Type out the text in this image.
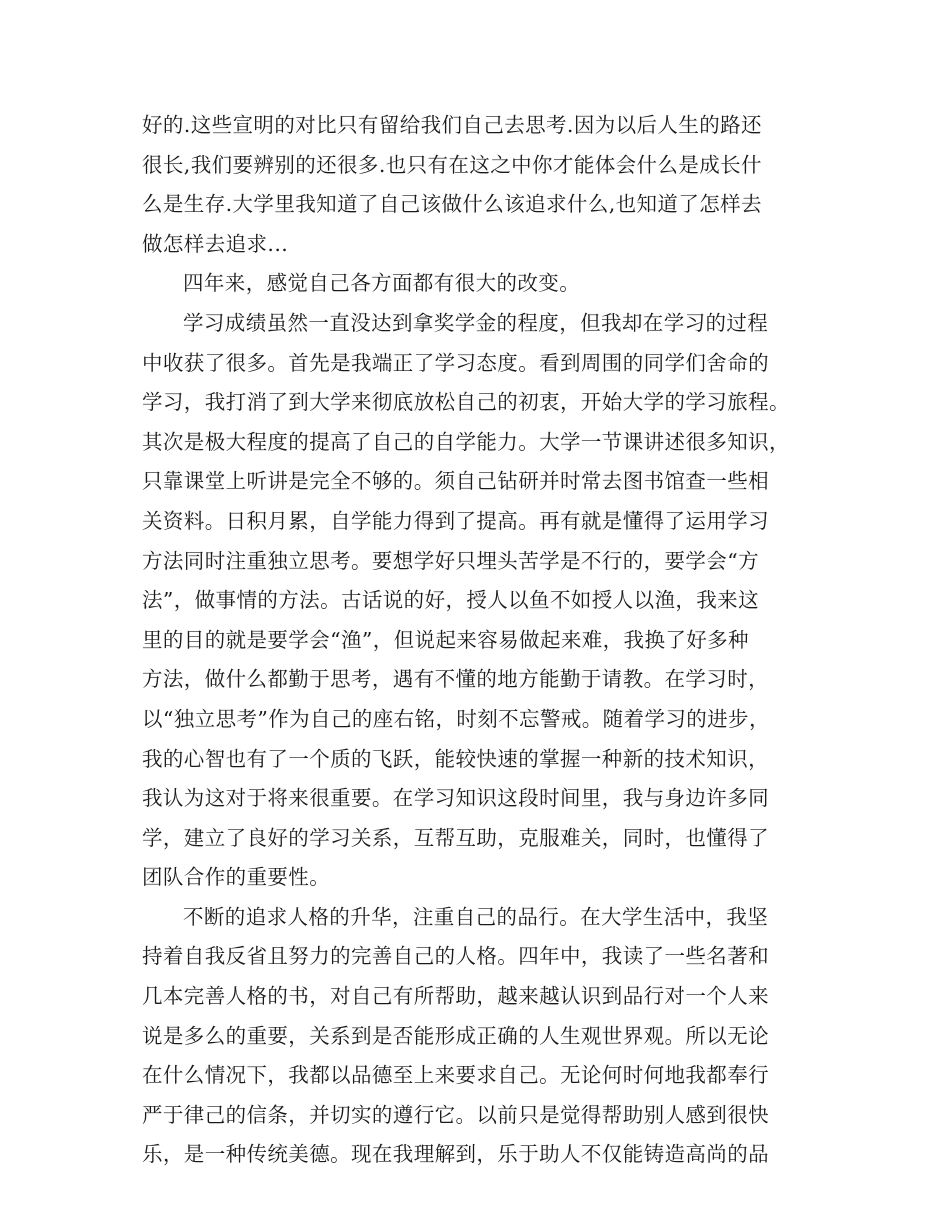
好的.这些宣明的对比只有留给我们自己去思考.因为以后人生的路还
很长,我们要辨别的还很多.也只有在这之中你才能体会什么是成长什
么是生存.大学里我知道了自己该做什么该追求什么,也知道了怎样去
做怎样去追求...
四年来，感觉自己各方面都有很大的改变。
学习成绩虽然一直没达到拿奖学金的程度，但我却在学习的过程
中收获了很多。首先是我端正了学习态度。看到周围的同学们舍命的
学习，我打消了到大学来彻底放松自己的初衷，开始大学的学习旅程。
其次是极大程度的提高了自己的自学能力。大学一节课讲述很多知识，
只靠课堂上听讲是完全不够的。须自己钻研并时常去图书馆查一些相
关资料。日积月累，自学能力得到了提高。再有就是懂得了运用学习
方法同时注重独立思考。要想学好只埋头苦学是不行的，要学会“方
法”，做事情的方法。古话说的好，授人以鱼不如授人以渔，我来这
里的目的就是要学会“渔”，但说起来容易做起来难，我换了好多种
方法，做什么都勤于思考，遇有不懂的地方能勤于请教。在学习时，
以“独立思考”作为自己的座右铭，时刻不忘警戒。随着学习的进步，
我的心智也有了一个质的飞跃，能较快速的掌握一种新的技术知识，
我认为这对于将来很重要。在学习知识这段时间里，我与身边许多同
学，建立了良好的学习关系，互帮互助，克服难关，同时，也懂得了
团队合作的重要性。
不断的追求人格的升华，注重自己的品行。在大学生活中，我坚
持着自我反省且努力的完善自己的人格。四年中，我读了一些名著和
几本完善人格的书，对自己有所帮助，越来越认识到品行对一个人来
说是多么的重要，关系到是否能形成正确的人生观世界观。所以无论
在什么情况下，我都以品德至上来要求自己。无论何时何地我都奉行
严于律己的信条，并切实的遵行它。以前只是觉得帮助别人感到很快
乐，是一种传统美德。现在我理解到，乐于助人不仅能铸造高尚的品
